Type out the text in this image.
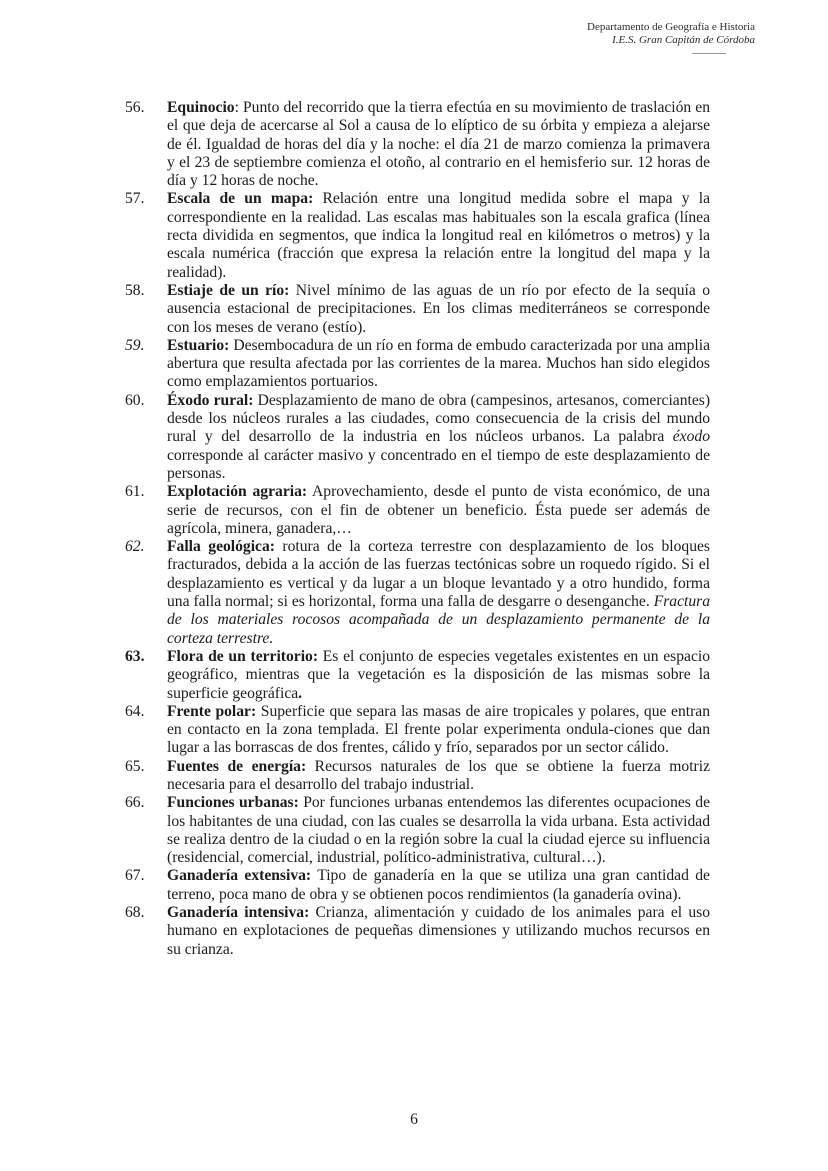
Departamento de Geografía e Historia
I.E.S. Gran Capitán de Córdoba
56. Equinocio: Punto del recorrido que la tierra efectúa en su movimiento de traslación en el que deja de acercarse al Sol a causa de lo elíptico de su órbita y empieza a alejarse de él. Igualdad de horas del día y la noche: el día 21 de marzo comienza la primavera y el 23 de septiembre comienza el otoño, al contrario en el hemisferio sur. 12 horas de día y 12 horas de noche.
57. Escala de un mapa: Relación entre una longitud medida sobre el mapa y la correspondiente en la realidad. Las escalas mas habituales son la escala grafica (línea recta dividida en segmentos, que indica la longitud real en kilómetros o metros) y la escala numérica (fracción que expresa la relación entre la longitud del mapa y la realidad).
58. Estiaje de un río: Nivel mínimo de las aguas de un río por efecto de la sequía o ausencia estacional de precipitaciones. En los climas mediterráneos se corresponde con los meses de verano (estío).
59. Estuario: Desembocadura de un río en forma de embudo caracterizada por una amplia abertura que resulta afectada por las corrientes de la marea. Muchos han sido elegidos como emplazamientos portuarios.
60. Éxodo rural: Desplazamiento de mano de obra (campesinos, artesanos, comerciantes) desde los núcleos rurales a las ciudades, como consecuencia de la crisis del mundo rural y del desarrollo de la industria en los núcleos urbanos. La palabra éxodo corresponde al carácter masivo y concentrado en el tiempo de este desplazamiento de personas.
61. Explotación agraria: Aprovechamiento, desde el punto de vista económico, de una serie de recursos, con el fin de obtener un beneficio. Ésta puede ser además de agrícola, minera, ganadera,…
62. Falla geológica: rotura de la corteza terrestre con desplazamiento de los bloques fracturados, debida a la acción de las fuerzas tectónicas sobre un roquedo rígido. Si el desplazamiento es vertical y da lugar a un bloque levantado y a otro hundido, forma una falla normal; si es horizontal, forma una falla de desgarre o desenganche. Fractura de los materiales rocosos acompañada de un desplazamiento permanente de la corteza terrestre.
63. Flora de un territorio: Es el conjunto de especies vegetales existentes en un espacio geográfico, mientras que la vegetación es la disposición de las mismas sobre la superficie geográfica.
64. Frente polar: Superficie que separa las masas de aire tropicales y polares, que entran en contacto en la zona templada. El frente polar experimenta ondula-ciones que dan lugar a las borrascas de dos frentes, cálido y frío, separados por un sector cálido.
65. Fuentes de energía: Recursos naturales de los que se obtiene la fuerza motriz necesaria para el desarrollo del trabajo industrial.
66. Funciones urbanas: Por funciones urbanas entendemos las diferentes ocupaciones de los habitantes de una ciudad, con las cuales se desarrolla la vida urbana. Esta actividad se realiza dentro de la ciudad o en la región sobre la cual la ciudad ejerce su influencia (residencial, comercial, industrial, político-administrativa, cultural…).
67. Ganadería extensiva: Tipo de ganadería en la que se utiliza una gran cantidad de terreno, poca mano de obra y se obtienen pocos rendimientos (la ganadería ovina).
68. Ganadería intensiva: Crianza, alimentación y cuidado de los animales para el uso humano en explotaciones de pequeñas dimensiones y utilizando muchos recursos en su crianza.
6
